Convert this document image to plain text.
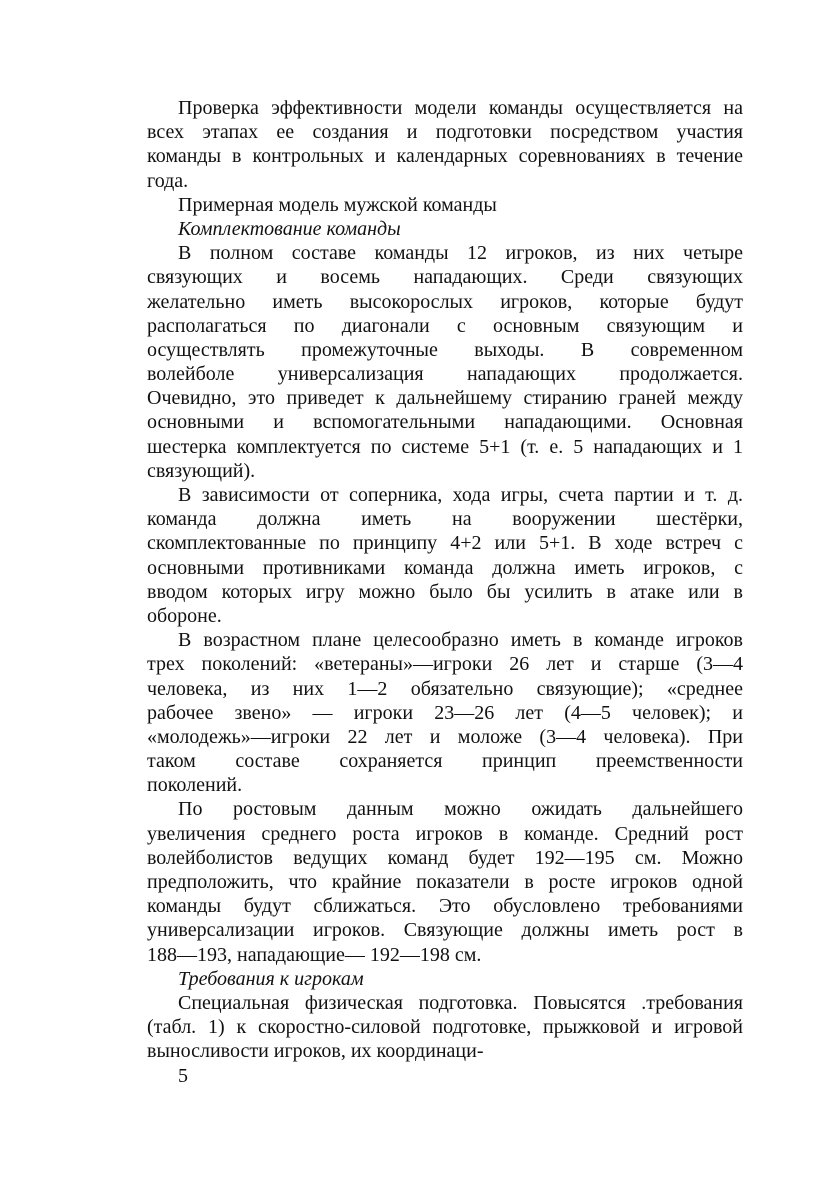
Проверка эффективности модели команды осуществляется на
всех этапах ее создания и подготовки посредством участия
команды в контрольных и календарных соревнованиях в течение
года.

Примерная модель мужской команды

Комплектование команды

В полном составе команды 12 игроков, из них четыре
связующих и восемь нападающих. Среди связующих
желательно иметь высокорослых игроков, которые будут
располагаться по диагонали с основным связующим и
осуществлять промежуточные выходы. В современном
волейболе универсализация нападающих продолжается.
Очевидно, это приведет к дальнейшему стиранию граней между
основными и вспомогательными нападающими. Основная
шестерка комплектуется по системе 5+1 (т. е. 5 нападающих и 1
связующий).

В зависимости от соперника, хода игры, счета партии и т. д.
команда должна иметь на вооружении шестёрки,
скомплектованные по принципу 4+2 или 5+1. В ходе встреч с
основными противниками команда должна иметь игроков, с
вводом которых игру можно было бы усилить в атаке или в
обороне.

В возрастном плане целесообразно иметь в команде игроков
трех поколений: «ветераны»—игроки 26 лет и старше (3—4
человека, из них 1—2 обязательно связующие); «среднее
рабочее звено» — игроки 23—26 лет (4—5 человек); и
«молодежь»—игроки 22 лет и моложе (3—4 человека). При
таком составе сохраняется принцип преемственности
поколений.

По ростовым данным можно ожидать дальнейшего
увеличения среднего роста игроков в команде. Средний рост
волейболистов ведущих команд будет 192—195 см. Можно
предположить, что крайние показатели в росте игроков одной
команды будут сближаться. Это обусловлено требованиями
универсализации игроков. Связующие должны иметь рост в
188—193, нападающие— 192—198 см.

Требования к игрокам

Специальная физическая подготовка. Повысятся .требования
(табл. 1) к скоростно-силовой подготовке, прыжковой и игровой
выносливости игроков, их координаци-

5
